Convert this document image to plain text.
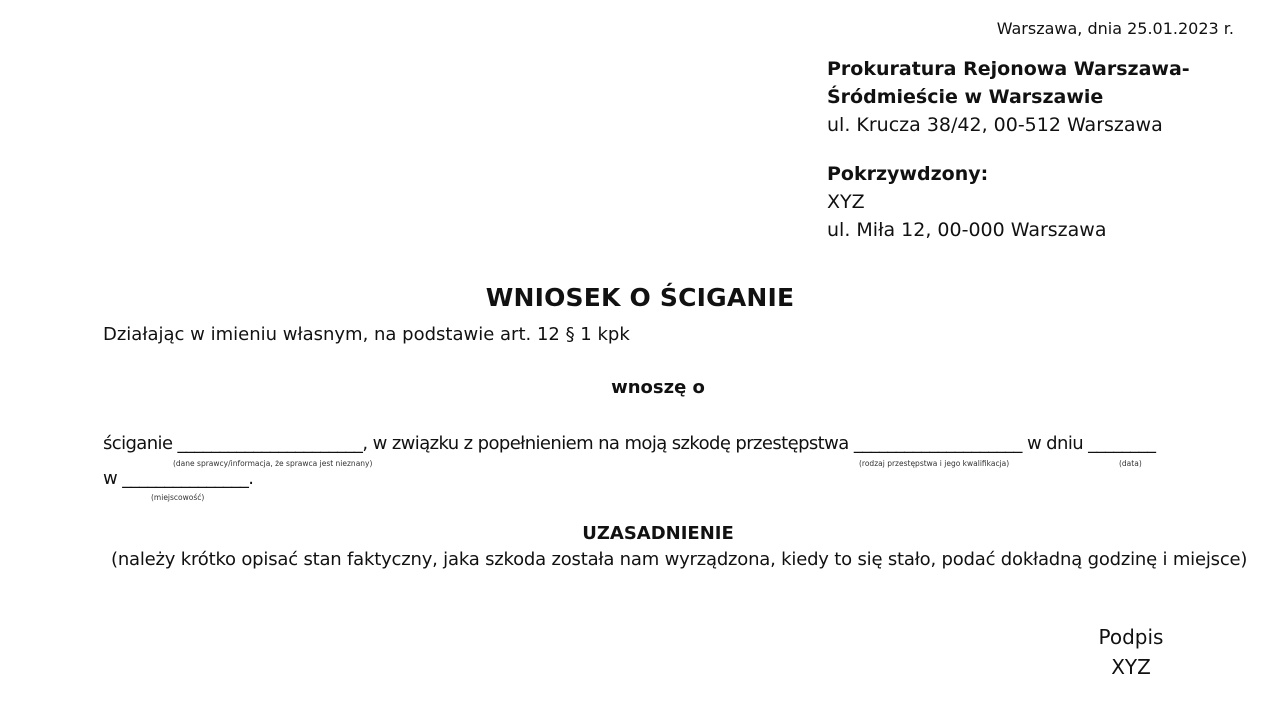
Warszawa, dnia 25.01.2023 r.
Prokuratura Rejonowa Warszawa-
Śródmieście w Warszawie
ul. Krucza 38/42, 00-512 Warszawa
Pokrzywdzony:
XYZ
ul. Miła 12, 00-000 Warszawa
WNIOSEK O ŚCIGANIE
Działając w imieniu własnym, na podstawie art. 12 § 1 kpk
wnoszę o
ściganie ______________________, w związku z popełnieniem na moją szkodę przestępstwa ____________________ w dniu ________
(dane sprawcy/informacja, że sprawca jest nieznany)	(rodzaj przestępstwa i jego kwalifikacja)	(data)
w _______________.
(miejscowość)
UZASADNIENIE
(należy krótko opisać stan faktyczny, jaka szkoda została nam wyrządzona, kiedy to się stało, podać dokładną godzinę i miejsce)
Podpis
XYZ
